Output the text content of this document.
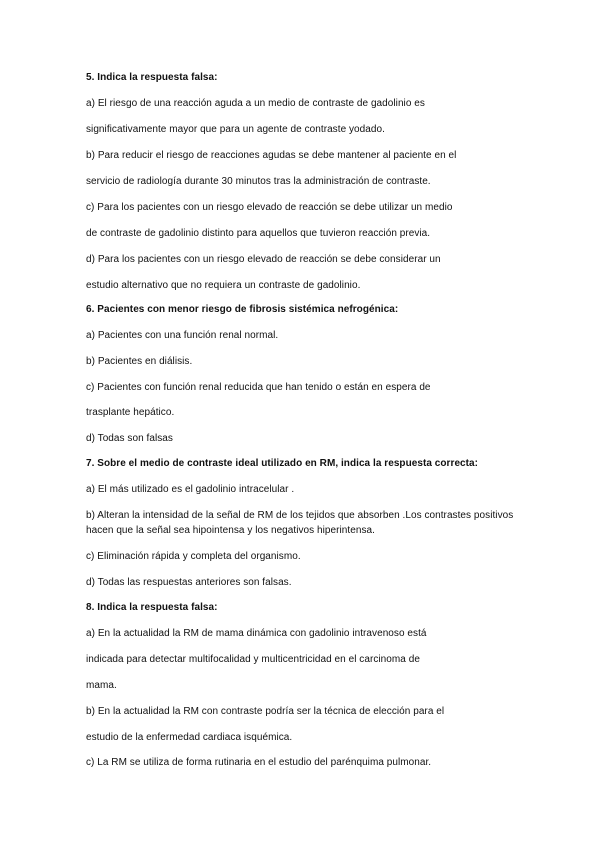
5. Indica la respuesta falsa:
a) El riesgo de una reacción aguda a un medio de contraste de gadolinio es
significativamente mayor que para un agente de contraste yodado.
b) Para reducir el riesgo de reacciones agudas se debe mantener al paciente en el
servicio de radiología durante 30 minutos tras la administración de contraste.
c) Para los pacientes con un riesgo elevado de reacción se debe utilizar un medio
de contraste de gadolinio distinto para aquellos que tuvieron reacción previa.
d) Para los pacientes con un riesgo elevado de reacción se debe considerar un
estudio alternativo que no requiera un contraste de gadolinio.
6. Pacientes con menor riesgo de fibrosis sistémica nefrogénica:
a) Pacientes con una función renal normal.
b) Pacientes en diálisis.
c) Pacientes con función renal reducida que han tenido o están en espera de
trasplante hepático.
d) Todas son falsas
7. Sobre el medio de contraste ideal utilizado en RM, indica la respuesta correcta:
a) El más utilizado es el gadolinio intracelular .
b) Alteran la intensidad de la señal de RM de los tejidos que absorben .Los contrastes positivos
hacen que la señal sea hipointensa y los negativos hiperintensa.
c) Eliminación rápida y completa del organismo.
d) Todas las respuestas anteriores son falsas.
8. Indica la respuesta falsa:
a) En la actualidad la RM de mama dinámica con gadolinio intravenoso está
indicada para detectar multifocalidad y multicentricidad en el carcinoma de
mama.
b) En la actualidad la RM con contraste podría ser la técnica de elección para el
estudio de la enfermedad cardiaca isquémica.
c) La RM se utiliza de forma rutinaria en el estudio del parénquima pulmonar.
